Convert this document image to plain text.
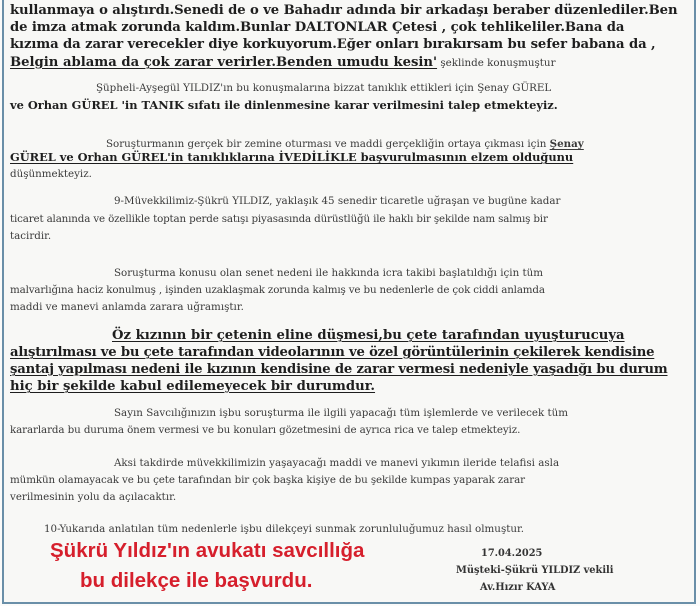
kullanmaya o alıştırdı.Senedi de o ve Bahadır adında bir arkadaşı beraber düzenlediler.Ben

de imza atmak zorunda kaldım.Bunlar DALTONLAR Çetesi , çok tehlikeliler.Bana da

kızıma da zarar verecekler diye korkuyorum.Eğer onları bırakırsam bu sefer babana da ,

Belgin ablama da çok zarar verirler.Benden umudu kesin' şeklinde konuşmuştur

Şüpheli-Ayşegül YILDIZ'ın bu konuşmalarına bizzat tanıklık ettikleri için Şenay GÜREL

ve Orhan GÜREL 'in TANIK sıfatı ile dinlenmesine karar verilmesini talep etmekteyiz.

Soruşturmanın gerçek bir zemine oturması ve maddi gerçekliğin ortaya çıkması için Şenay

GÜREL ve Orhan GÜREL'in tanıklıklarına İVEDİLİKLE başvurulmasının elzem olduğunu

düşünmekteyiz.

9-Müvekkilimiz-Şükrü YILDIZ, yaklaşık 45 senedir ticaretle uğraşan ve bugüne kadar

ticaret alanında ve özellikle toptan perde satışı piyasasında dürüstlüğü ile haklı bir şekilde nam salmış bir

tacirdir.

Soruşturma konusu olan senet nedeni ile hakkında icra takibi başlatıldığı için tüm

malvarlığına haciz konulmuş , işinden uzaklaşmak zorunda kalmış ve bu nedenlerle de çok ciddi anlamda

maddi ve manevi anlamda zarara uğramıştır.

Öz kızının bir çetenin eline düşmesi,bu çete tarafından uyuşturucuya

alıştırılması ve bu çete tarafından videolarının ve özel görüntülerinin çekilerek kendisine

şantaj yapılması nedeni ile kızının kendisine de zarar vermesi nedeniyle yaşadığı bu durum

hiç bir şekilde kabul edilemeyecek bir durumdur.

Sayın Savcılığınızın işbu soruşturma ile ilgili yapacağı tüm işlemlerde ve verilecek tüm

kararlarda bu duruma önem vermesi ve bu konuları gözetmesini de ayrıca rica ve talep etmekteyiz.

Aksi takdirde müvekkilimizin yaşayacağı maddi ve manevi yıkımın ileride telafisi asla

mümkün olamayacak ve bu çete tarafından bir çok başka kişiye de bu şekilde kumpas yaparak zarar

verilmesinin yolu da açılacaktır.

10-Yukarıda anlatılan tüm nedenlerle işbu dilekçeyi sunmak zorunluluğumuz hasıl olmuştur.

Şükrü Yıldız'ın avukatı savcıllığa
bu dilekçe ile başvurdu.
17.04.2025
Müşteki-Şükrü YILDIZ vekili
Av.Hızır KAYA
